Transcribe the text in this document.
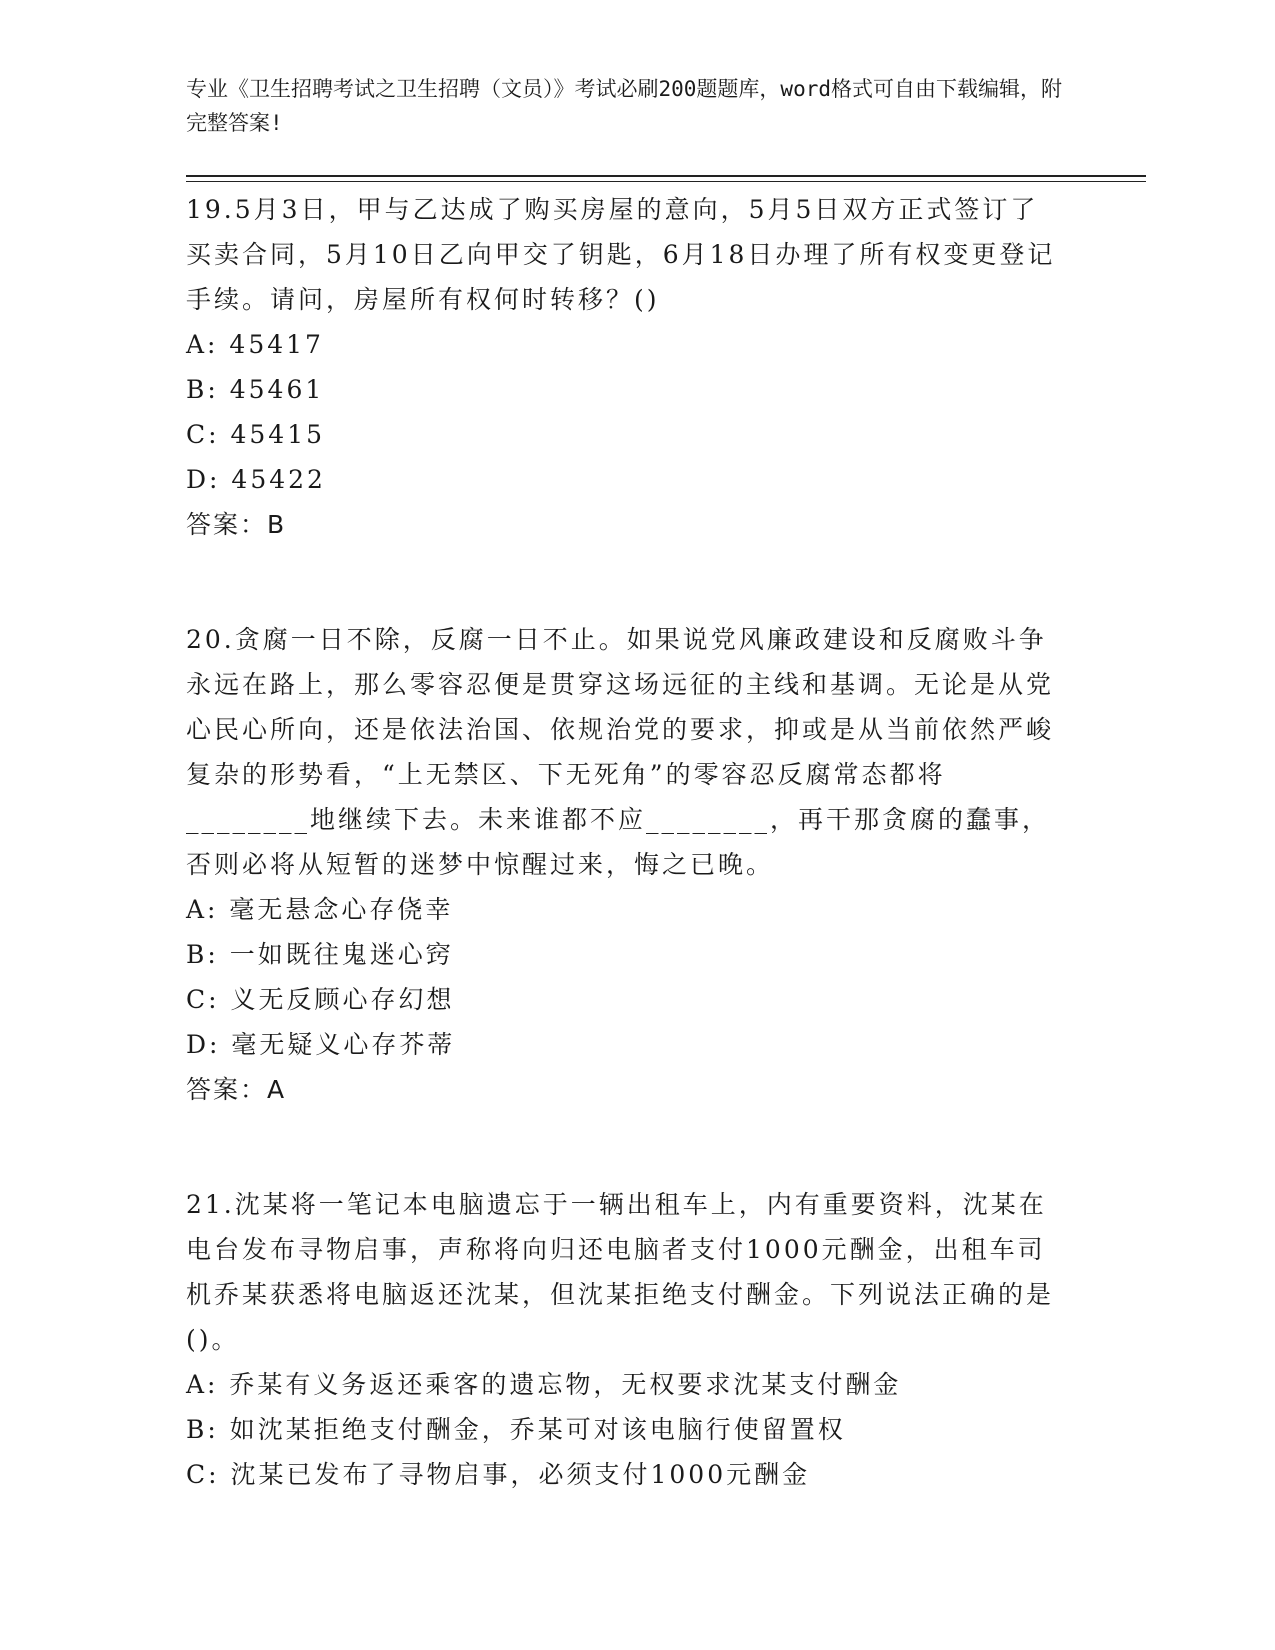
专业《卫生招聘考试之卫生招聘（文员）》考试必刷200题题库，word格式可自由下载编辑，附完整答案!

19.5月3日，甲与乙达成了购买房屋的意向，5月5日双方正式签订了买卖合同，5月10日乙向甲交了钥匙，6月18日办理了所有权变更登记手续。请问，房屋所有权何时转移？()

A: 45417

B: 45461

C: 45415

D: 45422

答案：B

20.贪腐一日不除，反腐一日不止。如果说党风廉政建设和反腐败斗争永远在路上，那么零容忍便是贯穿这场远征的主线和基调。无论是从党心民心所向，还是依法治国、依规治党的要求，抑或是从当前依然严峻复杂的形势看，“上无禁区、下无死角”的零容忍反腐常态都将________地继续下去。未来谁都不应________，再干那贪腐的蠢事，否则必将从短暂的迷梦中惊醒过来，悔之已晚。

A: 毫无悬念心存侥幸

B: 一如既往鬼迷心窍

C: 义无反顾心存幻想

D: 毫无疑义心存芥蒂

答案：A

21.沈某将一笔记本电脑遗忘于一辆出租车上，内有重要资料，沈某在电台发布寻物启事，声称将向归还电脑者支付1000元酬金，出租车司机乔某获悉将电脑返还沈某，但沈某拒绝支付酬金。下列说法正确的是()。

A: 乔某有义务返还乘客的遗忘物，无权要求沈某支付酬金

B: 如沈某拒绝支付酬金，乔某可对该电脑行使留置权

C: 沈某已发布了寻物启事，必须支付1000元酬金
